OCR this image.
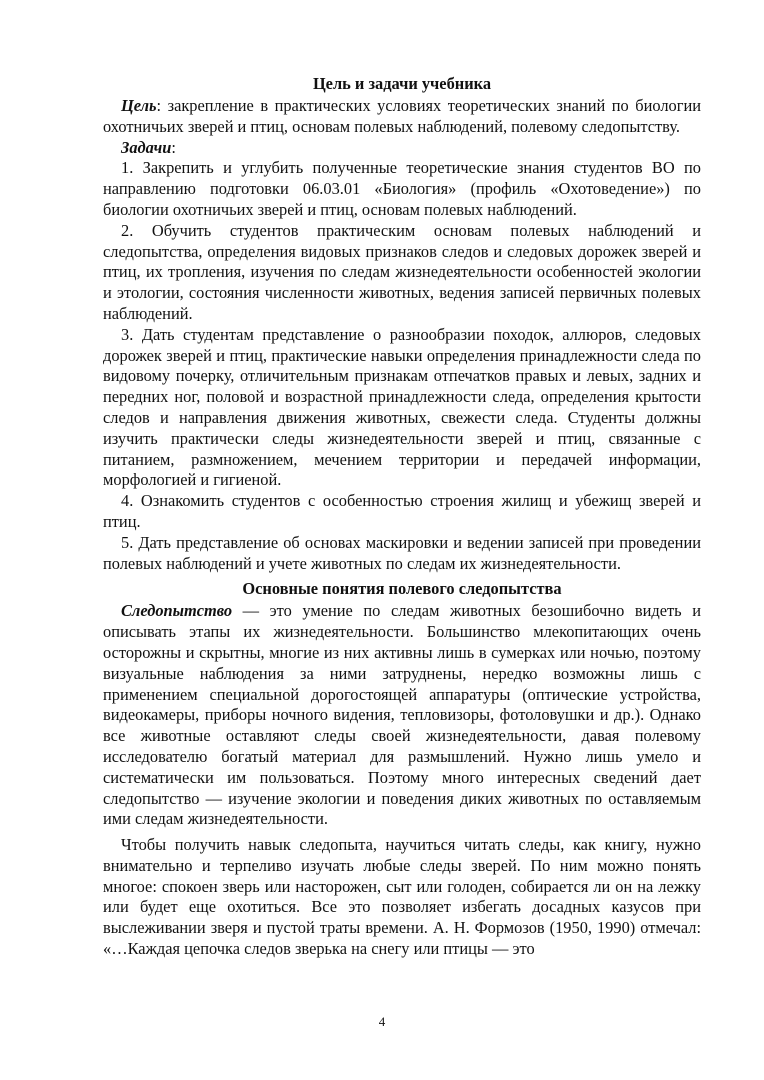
Цель и задачи учебника

Цель: закрепление в практических условиях теоретических знаний по биологии охотничьих зверей и птиц, основам полевых наблюдений, полевому следопытству.

Задачи:

1. Закрепить и углубить полученные теоретические знания студентов ВО по направлению подготовки 06.03.01 «Биология» (профиль «Охотоведение») по биологии охотничьих зверей и птиц, основам полевых наблюдений.

2. Обучить студентов практическим основам полевых наблюдений и следопытства, определения видовых признаков следов и следовых дорожек зверей и птиц, их тропления, изучения по следам жизнедеятельности особенностей экологии и этологии, состояния численности животных, ведения записей первичных полевых наблюдений.

3. Дать студентам представление о разнообразии походок, аллюров, следовых дорожек зверей и птиц, практические навыки определения принадлежности следа по видовому почерку, отличительным признакам отпечатков правых и левых, задних и передних ног, половой и возрастной принадлежности следа, определения крытости следов и направления движения животных, свежести следа. Студенты должны изучить практически следы жизнедеятельности зверей и птиц, связанные с питанием, размножением, мечением территории и передачей информации, морфологией и гигиеной.

4. Ознакомить студентов с особенностью строения жилищ и убежищ зверей и птиц.

5. Дать представление об основах маскировки и ведении записей при проведении полевых наблюдений и учете животных по следам их жизнедеятельности.

Основные понятия полевого следопытства

Следопытство — это умение по следам животных безошибочно видеть и описывать этапы их жизнедеятельности. Большинство млекопитающих очень осторожны и скрытны, многие из них активны лишь в сумерках или ночью, поэтому визуальные наблюдения за ними затруднены, нередко возможны лишь с применением специальной дорогостоящей аппаратуры (оптические устройства, видеокамеры, приборы ночного видения, тепловизоры, фотоловушки и др.). Однако все животные оставляют следы своей жизнедеятельности, давая полевому исследователю богатый материал для размышлений. Нужно лишь умело и систематически им пользоваться. Поэтому много интересных сведений дает следопытство — изучение экологии и поведения диких животных по оставляемым ими следам жизнедеятельности.

Чтобы получить навык следопыта, научиться читать следы, как книгу, нужно внимательно и терпеливо изучать любые следы зверей. По ним можно понять многое: спокоен зверь или насторожен, сыт или голоден, собирается ли он на лежку или будет еще охотиться. Все это позволяет избегать досадных казусов при выслеживании зверя и пустой траты времени. А. Н. Формозов (1950, 1990) отмечал: «…Каждая цепочка следов зверька на снегу или птицы — это

4
